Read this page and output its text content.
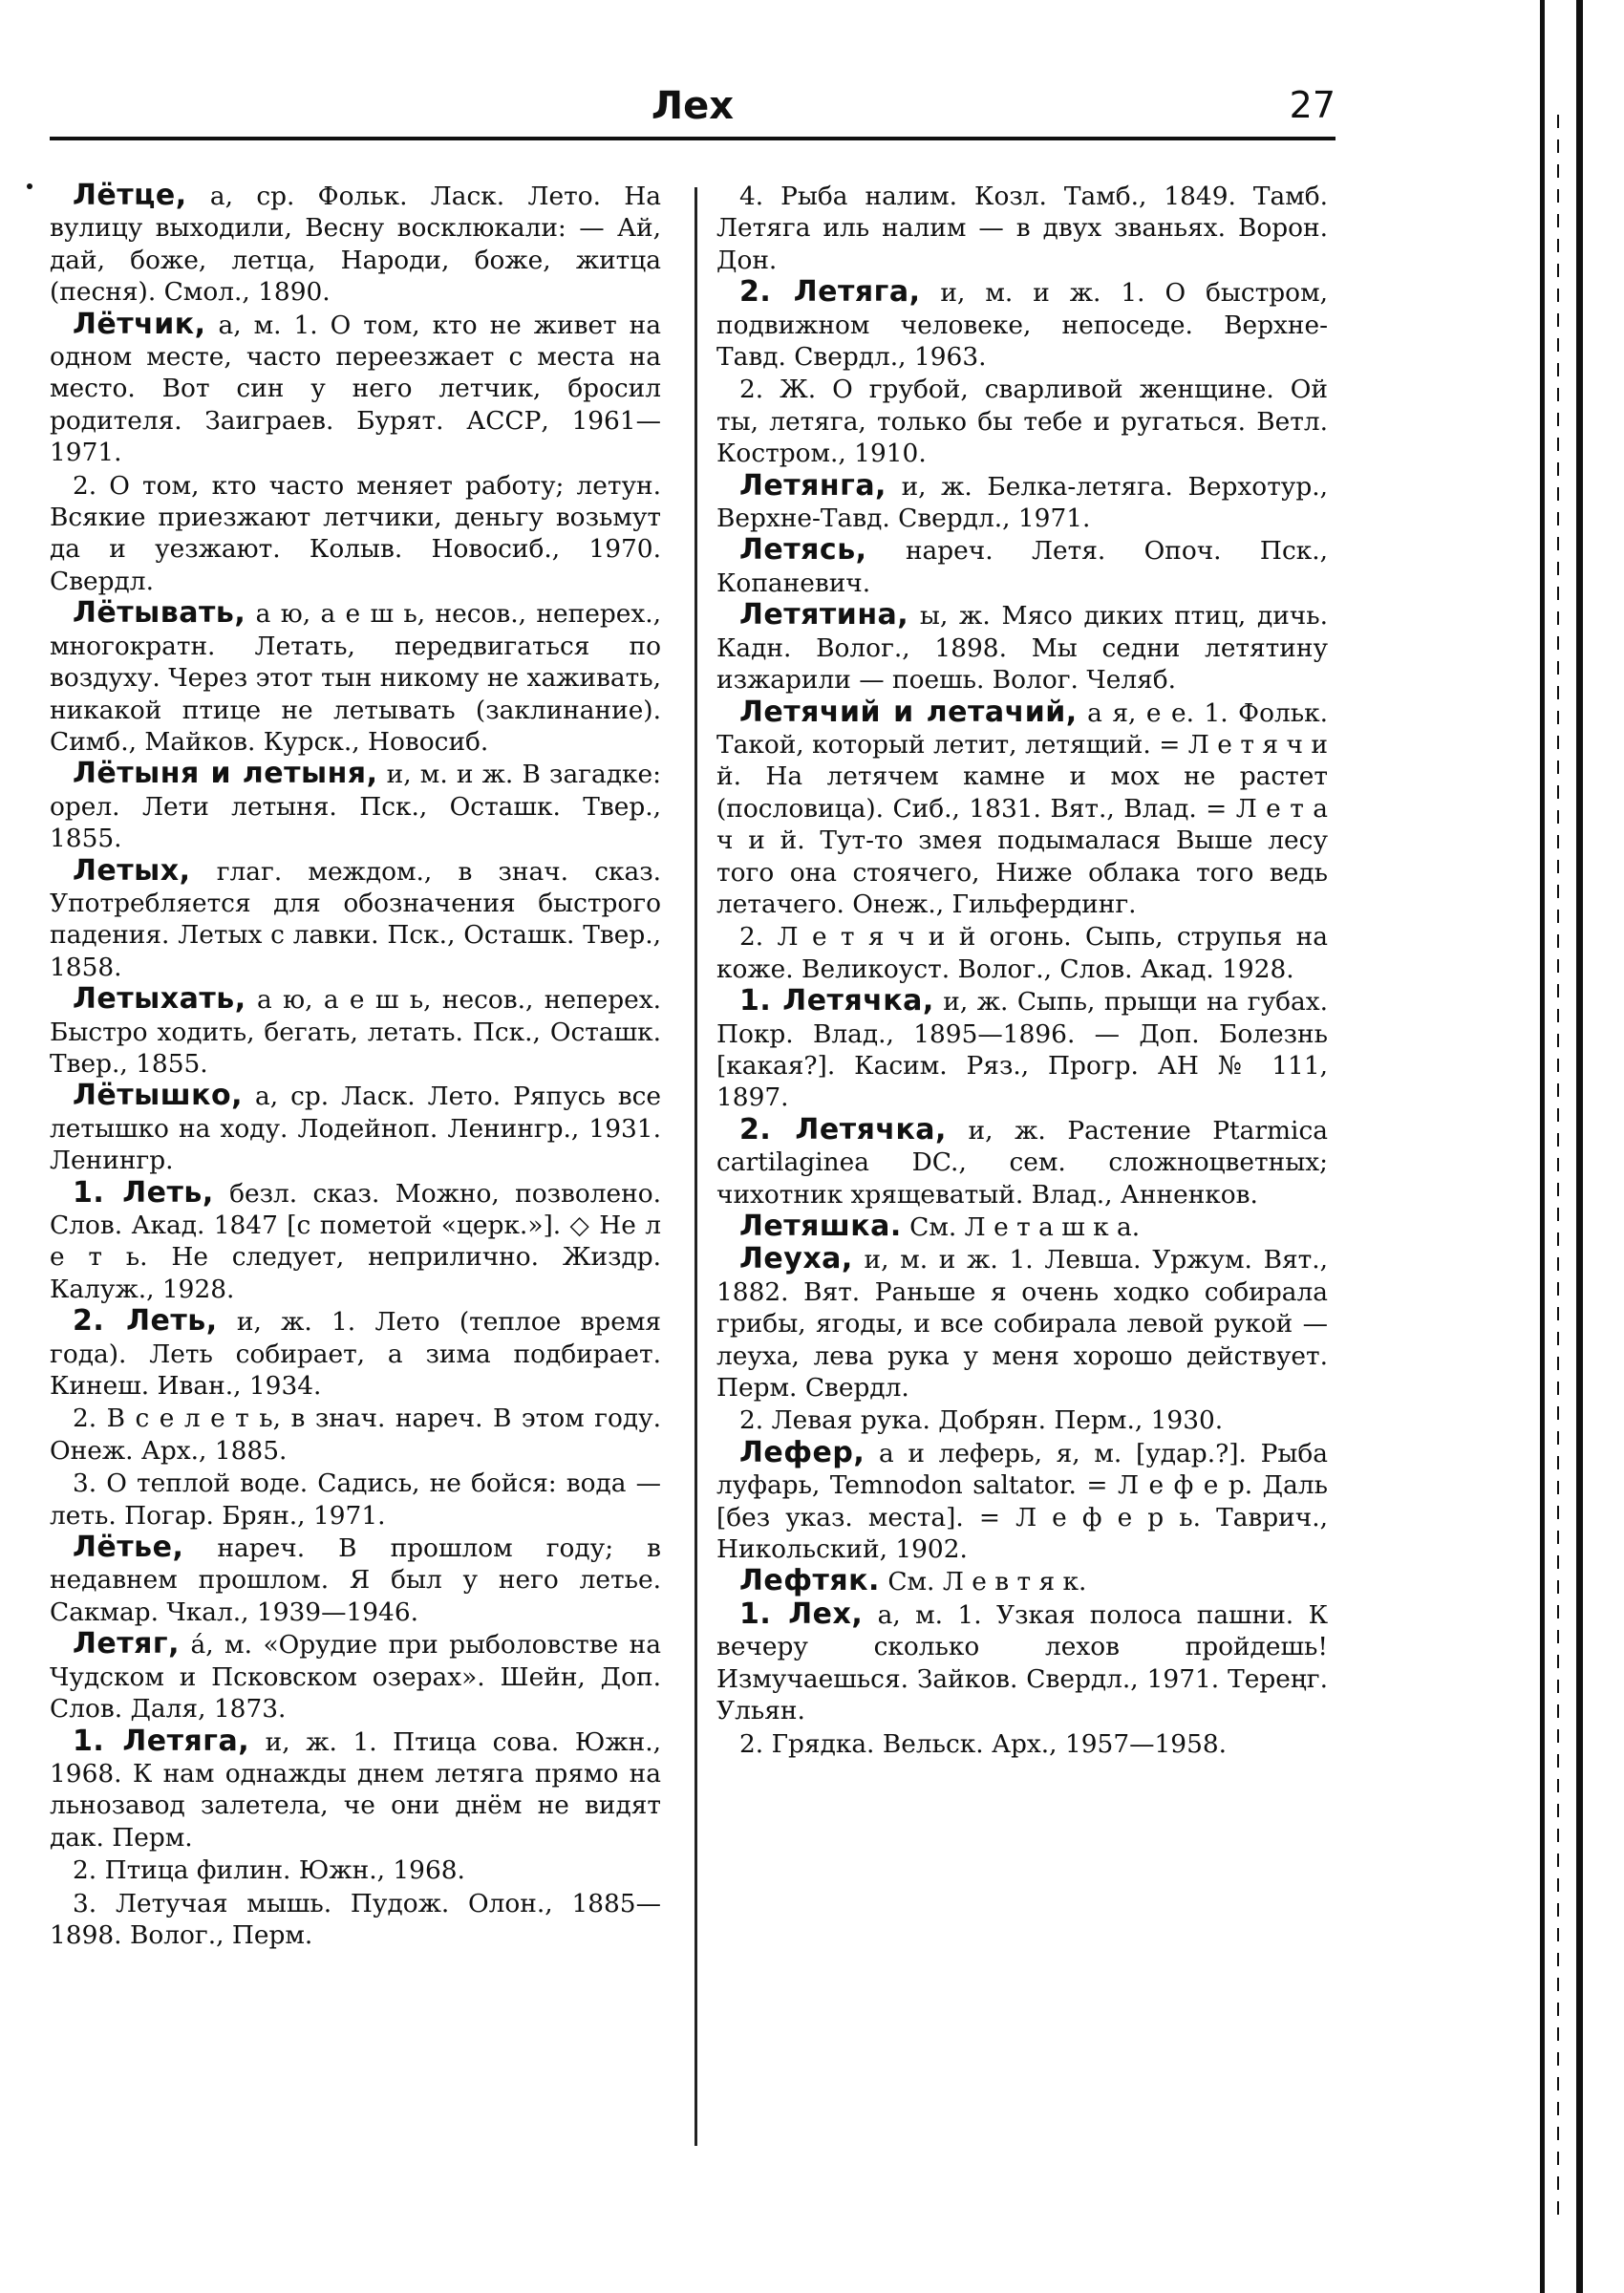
Лех	27

Лётце, а, ср. Фольк. Ласк. Лето. На вулицу выходили, Весну восклюкали: — Ай, дай, боже, летца, Народи, боже, житца (песня). Смол., 1890.

Лётчик, а, м. 1. О том, кто не живет на одном месте, часто переезжает с места на место. Вот син у него летчик, бросил родителя. Заиграев. Бурят. АССР, 1961—1971.

2. О том, кто часто меняет работу; летун. Всякие приезжают летчики, деньгу возьмут да и уезжают. Колыв. Новосиб., 1970. Свердл.

Лётывать, а ю, а е ш ь, несов., неперех., многократн. Летать, передвигаться по воздуху. Через этот тын никому не хаживать, никакой птице не летывать (заклинание). Симб., Майков. Курск., Новосиб.

Лётыня и летыня, и, м. и ж. В загадке: орел. Лети летыня. Пск., Осташк. Твер., 1855.

Летых, глаг. междом., в знач. сказ. Употребляется для обозначения быстрого падения. Летых с лавки. Пск., Осташк. Твер., 1858.

Летыхать, а ю, а е ш ь, несов., неперех. Быстро ходить, бегать, летать. Пск., Осташк. Твер., 1855.

Лётышко, а, ср. Ласк. Лето. Ряпусь все летышко на ходу. Лодейноп. Ленингр., 1931. Ленингр.

1. Леть, безл. сказ. Можно, позволено. Слов. Акад. 1847 [с пометой «церк.»]. ◇ Не л е т ь. Не следует, неприлично. Жиздр. Калуж., 1928.

2. Леть, и, ж. 1. Лето (теплое время года). Леть собирает, а зима подбирает. Кинеш. Иван., 1934.

2. В с е л е т ь, в знач. нареч. В этом году. Онеж. Арх., 1885.

3. О теплой воде. Садись, не бойся: вода — леть. Погар. Брян., 1971.

Лётье, нареч. В прошлом году; в недавнем прошлом. Я был у него летье. Сакмар. Чкал., 1939—1946.

Летяг, á, м. «Орудие при рыболовстве на Чудском и Псковском озерах». Шейн, Доп. Слов. Даля, 1873.

1. Летяга, и, ж. 1. Птица сова. Южн., 1968. К нам однажды днем летяга прямо на льнозавод залетела, че они днём не видят дак. Перм.

2. Птица филин. Южн., 1968.

3. Летучая мышь. Пудож. Олон., 1885—1898. Волог., Перм.

4. Рыба налим. Козл. Тамб., 1849. Тамб. Летяга иль налим — в двух званьях. Ворон. Дон.

2. Летяга, и, м. и ж. 1. О быстром, подвижном человеке, непоседе. Верхне-Тавд. Свердл., 1963.

2. Ж. О грубой, сварливой женщине. Ой ты, летяга, только бы тебе и ругаться. Ветл. Костром., 1910.

Летянга, и, ж. Белка-летяга. Верхотур., Верхне-Тавд. Свердл., 1971.

Летясь, нареч. Летя. Опоч. Пск., Копаневич.

Летятина, ы, ж. Мясо диких птиц, дичь. Кадн. Волог., 1898. Мы седни летятину изжарили — поешь. Волог. Челяб.

Летячий и летачий, а я, е е. 1. Фольк. Такой, который летит, летящий. = Л е т я ч и й. На летячем камне и мох не растет (пословица). Сиб., 1831. Вят., Влад. = Л е т а ч и й. Тут-то змея подымалася Выше лесу того она стоячего, Ниже облака того ведь летачего. Онеж., Гильфердинг.

2. Л е т я ч и й огонь. Сыпь, струпья на коже. Великоуст. Волог., Слов. Акад. 1928.

1. Летячка, и, ж. Сыпь, прыщи на губах. Покр. Влад., 1895—1896. — Доп. Болезнь [какая?]. Касим. Ряз., Прогр. АН № 111, 1897.

2. Летячка, и, ж. Растение Ptarmica cartilaginea DC., сем. сложноцветных; чихотник хрящеватый. Влад., Анненков.

Летяшка. См. Л е т а ш к а.

Леуха, и, м. и ж. 1. Левша. Уржум. Вят., 1882. Вят. Раньше я очень ходко собирала грибы, ягоды, и все собирала левой рукой — леуха, лева рука у меня хорошо действует. Перм. Свердл.

2. Левая рука. Добрян. Перм., 1930.

Лефер, а и леферь, я, м. [удар.?]. Рыба луфарь, Temnodon saltator. = Л е ф е р. Даль [без указ. места]. = Л е ф е р ь. Таврич., Никольский, 1902.

Лефтяк. См. Л е в т я к.

1. Лех, а, м. 1. Узкая полоса пашни. К вечеру сколько лехов пройдешь! Измучаешься. Зайков. Свердл., 1971. Тереңг. Ульян.

2. Грядка. Вельск. Арх., 1957—1958.
